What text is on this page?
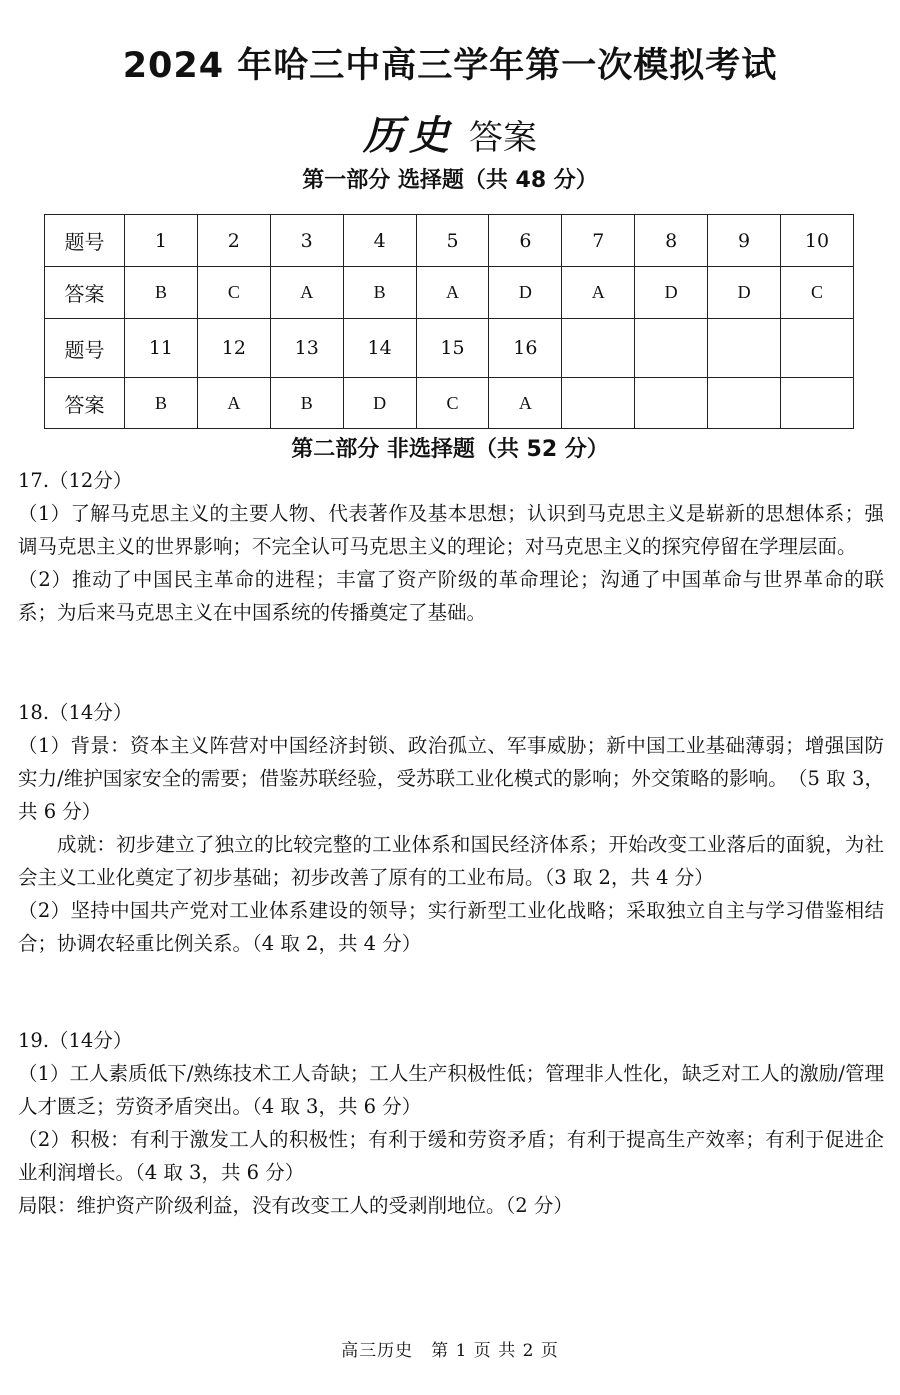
2024 年哈三中高三学年第一次模拟考试
历史 答案
第一部分 选择题（共 48 分）
题号	1	2	3	4	5	6	7	8	9	10
答案	B	C	A	B	A	D	A	D	D	C
题号	11	12	13	14	15	16				
答案	B	A	B	D	C	A				
第二部分 非选择题（共 52 分）

17.（12分）

（1）了解马克思主义的主要人物、代表著作及基本思想；认识到马克思主义是崭新的思想体系；强调马克思主义的世界影响；不完全认可马克思主义的理论；对马克思主义的探究停留在学理层面。

（2）推动了中国民主革命的进程；丰富了资产阶级的革命理论；沟通了中国革命与世界革命的联系；为后来马克思主义在中国系统的传播奠定了基础。

18.（14分）

（1）背景：资本主义阵营对中国经济封锁、政治孤立、军事威胁；新中国工业基础薄弱；增强国防实力/维护国家安全的需要；借鉴苏联经验，受苏联工业化模式的影响；外交策略的影响。　（5 取 3，共 6 分）

成就：初步建立了独立的比较完整的工业体系和国民经济体系；开始改变工业落后的面貌，为社会主义工业化奠定了初步基础；初步改善了原有的工业布局。（3 取 2，共 4 分）

（2）坚持中国共产党对工业体系建设的领导；实行新型工业化战略；采取独立自主与学习借鉴相结合；协调农轻重比例关系。（4 取 2，共 4 分）

19.（14分）

（1）工人素质低下/熟练技术工人奇缺；工人生产积极性低；管理非人性化，缺乏对工人的激励/管理人才匮乏；劳资矛盾突出。（4 取 3，共 6 分）

（2）积极：有利于激发工人的积极性；有利于缓和劳资矛盾；有利于提高生产效率；有利于促进企业利润增长。（4 取 3，共 6 分）

局限：维护资产阶级利益，没有改变工人的受剥削地位。（2 分）

高三历史　第 1 页 共 2 页
